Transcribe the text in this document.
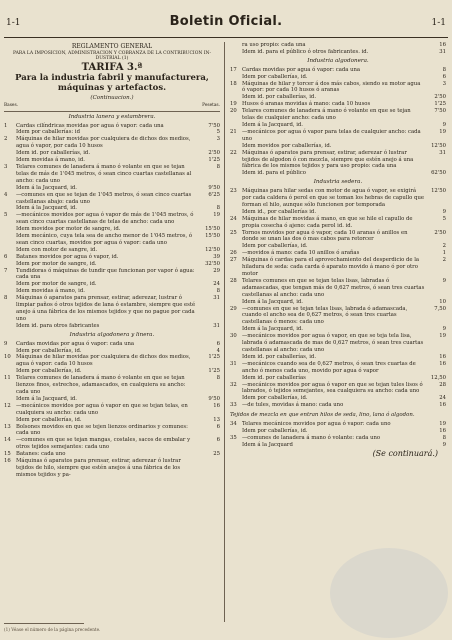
1-1	Boletin Oficial.	1-1
REGLAMENTO GENERAL
PARA LA IMPOSICION, ADMINISTRACION Y COBRANZA DE LA CONTRIBUCION IN-DUSTRIAL (1)
TARIFA 3.ª
Para la industria fabril y manufacturera, máquinas y artefactos.
(Continuacion.)
Bases.	Pesetas.
Industria lanera y estambrera.
1	Cardas cilíndricas movidas por agua ó vapor: cada una	7'50
Idem por caballerías: id	5
2	Máquinas de hilar movidas por cualquiera de dichos dos medios, agua ó vapor, por cada 10 husos
3
Idem id. por caballerías, id.	2'50
Idem movidas á mano, id.	1'25
3	Telares comunes de lanadera á mano ó volante en que se tejan telas de más de 1'045 metros, ó sean cinco cuartas castellanas al ancho: cada uno
8
Idem á la Jacquard, id.	9'50
4	—comunes en que se tejan de 1'045 metros, ó sean cinco cuartas castellanas abajo: cada uno
6'25
Idem á la Jacquard, id.	8
5	—mecánicos movidos por agua ó vapor de más de 1'045 metros, ó sean cinco cuartas castellanas de telas de ancho: cada uno
19
Idem movidos por motor de sangre, id.	15'50
Idem mecánico, cuya tela sea de ancho menor de 1'045 metros, ó sean cinco cuartas, movidos por agua ó vapor: cada uno
15'50
Idem con motor de sangre, id.	12'50
6	Batanes movidos por agua ó vapor, id.	39
Idem por motor de sangre, id.	32'50
7	Tundidoras ó máquinas de tundir que funcionan por vapor ó agua: cada una
29
Idem por motor de sangre, id.	24
Idem movidas á mano, id.	8
8	Máquinas ó aparatos para prensar, estirar, aderezar, lustrar ó limpiar paños ó otros tejidos de lana ó estambre, siempre que esté anejo á una fábrica de los mismos tejidos y que no pague por cada uno
31
Idem id. para otros fabricantes	31
Industria algodonera y linera.
9	Cardas movidas por agua ó vapor: cada una	6
Idem por caballerías, id.	4
10 Máquinas de hilar movidas por cualquiera de dichos dos medios, agua ó vapor: cada 10 husos
1'25
Idem por caballerías, id.	1'25
11 Telares comunes de lanadera á mano ó volante en que se tejan lienzos finos, estrechos, adamascados, en cualquiera su ancho: cada uno
8
Idem á la Jacquard, id.	9'50
12 —mecánicos movidos por agua ó vapor en que se tejan telas, en cualquiera su ancho: cada uno
16
Idem por caballerías, id.	13
13 Bolsones movidos en que se tejen lienzos ordinarios y comunes: cada uno
6
14 —comunes en que se tejan mangas, costales, sacos de embalar y otros tejidos semejantes: cada uno
6
15 Batanes: cada uno	25
16 Máquinas ó aparatos para prensar, estirar, aderezar ó lustrar tejidos de hilo, siempre que estén anejos á una fábrica de los mismos tejidos y pa-
ra uso propio: cada una	16
Idem id. para el público ó otros fabricantes. id.	31
Industria algodonera.
17 Cardas movidas por agua ó vapor: cada una	8
Idem por caballerías, id.	6
18 Máquinas de hilar y torcer á dos más cabos, siendo su motor agua ó vapor: por cada 10 husos ó aranas
3
Idem id. por caballerías, id.	2'50
19 Husos ó aranas movidas á mano: cada 10 husos	1'25
20 Telares comunes de lanadera á mano ó volante en que se tejan telas de cualquier ancho: cada uno
7'50
Idem á la Jacquard, id.	9
21 —mecánicos por agua ó vapor para telas de cualquier ancho: cada uno
19
Idem movidos por caballerías, id.	12'50
22 Máquinas ó aparatos para prensar, estirar, aderezar ó lustrar tejidos de algodon ó con mezcla, siempre que estén anejo á una fábrica de los mismos tejidos y para uso propio: cada una
31
Idem id. para el público	62'50
Industria sedera.
23 Máquinas para hilar sedas con motor de agua ó vapor, se exigirá por cada caldera ó perol en que se toman los hebras de capullo que forman el hilo, aunque sólo funcionen por temporada
12'50
Idem id., por caballerías id.	9
24 Máquinas de hilar movidas á mano, en que se hile el capullo de propia cosecha ó ajeno: cada perol id. id.
5
25 Tornos movidos por agua ó vapor, cada 10 aranas ó anillos en donde se unan las dos ó mas cabos para retorcer
2'50
Idem por caballerías, id.	2
26 —movidos á mano: cada 10 anillos ó arañas	1
27 Máquinas ó cardas para el aprovechamiento del desperdicio de la hiladura de seda: cada carda ó aparato movido á mano ó por otro motor
2
28 Telares comunes en que se tejan telas lisas, labradas ó adamascadas, que tengan más de 0,627 metros, ó sean tres cuartas castellanas al ancho: cada uno
9
Idem á la Jacquard, id.	10
29 —comunes en que se tejan telas lisas, labrada ó adamascada, cuando el ancho sea de 0,627 metros, ó sean tres cuartas castellanas ó menos: cada uno
7,50
Idem á la Jacquard, id.	9
30 —mecánicos movidos por agua ó vapor, en que se teja tela lisa, labrada ó adamascada de mas de 0,627 metros, ó sean tres cuartas castellanas al ancho: cada uno
19
Idem id. por caballerías, id.	16
31 —mecánicos cuando sea de 0,627 metros, ó sean tres cuartas de ancho ó menos cada uno, movido por agua ó vapor
16
Idem id. por caballerías	12,50
32 —mecánicos movidos por agua ó vapor en que se tejan tules lisos ó labrados, ó tejidos semejantes, sea cualquiera su ancho: cada uno
28
Idem por caballerías, id.	24
33 —de tules, movidas á mano: cada uno	16
Tejidos de mezcla en que entran hilos de seda, lino, lana ó algodon.
34 Telares mecánicos movidos por agua ó vapor: cada uno	19
Idem por caballerías, id.	16
35 —comunes de lanadera á mano ó volante: cada uno	8
Idem á la Jacquard	9
(Se continuará.)
(1) Véase el número de la página precedente.
